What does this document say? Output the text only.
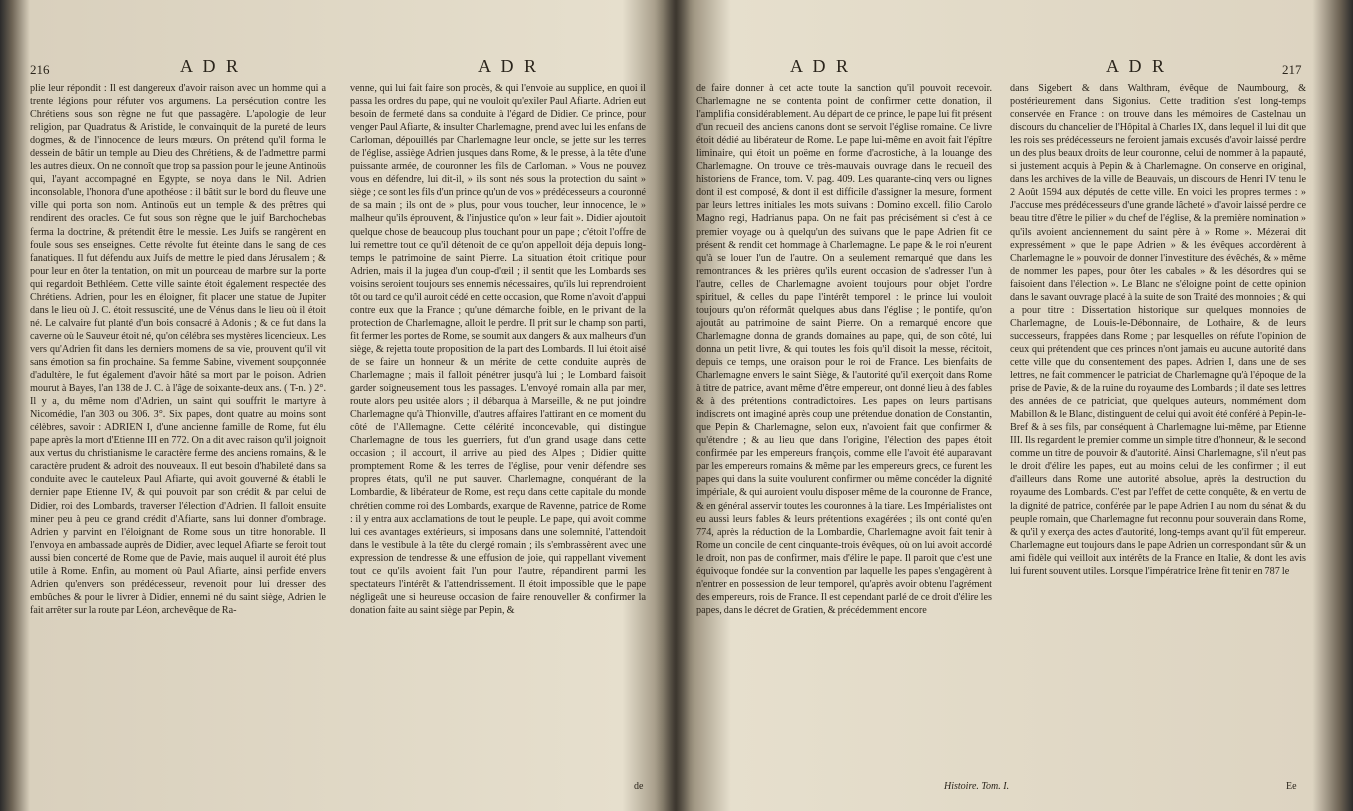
216	A D R	A D R

plie leur répondit : Il est dangereux d'avoir raison avec un homme qui a trente légions pour réfuter vos argumens. La persécution contre les Chrétiens sous son règne ne fut que passagère. L'apologie de leur religion, par Quadratus & Aristide, le convainquit de la pureté de leurs dogmes, & de l'innocence de leurs mœurs. On prétend qu'il forma le dessein de bâtir un temple au Dieu des Chrétiens, & de l'admettre parmi les autres dieux. On ne connoît que trop sa passion pour le jeune Antinoüs qui, l'ayant accompagné en Egypte, se noya dans le Nil. Adrien inconsolable, l'honora d'une apothéose : il bâtit sur le bord du fleuve une ville qui porta son nom. Antinoüs eut un temple & des prêtres qui rendirent des oracles. Ce fut sous son règne que le juif Barchochebas ferma la doctrine, & prétendit être le messie. Les Juifs se rangèrent en foule sous ses enseignes. Cette révolte fut éteinte dans le sang de ces fanatiques. Il fut défendu aux Juifs de mettre le pied dans Jérusalem ; & pour leur en ôter la tentation, on mit un pourceau de marbre sur la porte qui regardoit Bethléem. Cette ville sainte étoit également respectée des Chrétiens. Adrien, pour les en éloigner, fit placer une statue de Jupiter dans le lieu où J. C. étoit ressuscité, une de Vénus dans le lieu où il étoit né. Le calvaire fut planté d'un bois consacré à Adonis ; & ce fut dans la caverne où le Sauveur étoit né, qu'on célébra ses mystères licencieux. Les vers qu'Adrien fit dans les derniers momens de sa vie, prouvent qu'il vit sans émotion sa fin prochaine. Sa femme Sabine, vivement soupçonnée d'adultère, le fut également d'avoir hâté sa mort par le poison. Adrien mourut à Bayes, l'an 138 de J. C. à l'âge de soixante-deux ans. ( T-n. ) 2°. Il y a, du même nom d'Adrien, un saint qui souffrit le martyre à Nicomédie, l'an 303 ou 306. 3°. Six papes, dont quatre au moins sont célèbres, savoir : ADRIEN I, d'une ancienne famille de Rome, fut élu pape après la mort d'Etienne III en 772. On a dit avec raison qu'il joignoit aux vertus du christianisme le caractère ferme des anciens romains, & le caractère prudent & adroit des nouveaux. Il eut besoin d'habileté dans sa conduite avec le cauteleux Paul Afiarte, qui avoit gouverné & établi le dernier pape Etienne IV, & qui pouvoit par son crédit & par celui de Didier, roi des Lombards, traverser l'élection d'Adrien. Il falloit ensuite miner peu à peu ce grand crédit d'Afiarte, sans lui donner d'ombrage. Adrien y parvint en l'éloignant de Rome sous un titre honorable. Il l'envoya en ambassade auprès de Didier, avec lequel Afiarte se feroit tout aussi bien concerté de Rome que de Pavie, mais auquel il auroit été plus utile à Rome. Enfin, au moment où Paul Afiarte, ainsi perfide envers Adrien qu'envers son prédécesseur, revenoit pour lui dresser des embûches & pour le livrer à Didier, ennemi né du saint siège, Adrien le fait arrêter sur la route par Léon, archevêque de Ra-

venne, qui lui fait faire son procès, & qui l'envoie au supplice, en quoi il passa les ordres du pape, qui ne vouloit qu'exiler Paul Afiarte. Adrien eut besoin de fermeté dans sa conduite à l'égard de Didier. Ce prince, pour venger Paul Afiarte, & insulter Charlemagne, prend avec lui les enfans de Carloman, dépouillés par Charlemagne leur oncle, se jette sur les terres de l'église, assiège Adrien jusques dans Rome, & le presse, à la tête d'une puissante armée, de couronner les fils de Carloman. » Vous ne pouvez vous en défendre, lui dit-il, » ils sont nés sous la protection du saint » siège ; ce sont les fils d'un prince qu'un de vos » prédécesseurs a couronné de sa main ; ils ont de » plus, pour vous toucher, leur innocence, le » malheur qu'ils éprouvent, & l'injustice qu'on » leur fait ». Didier ajoutoit quelque chose de beaucoup plus touchant pour un pape ; c'étoit l'offre de lui remettre tout ce qu'il détenoit de ce qu'on appelloit déja depuis long-temps le patrimoine de saint Pierre. La situation étoit critique pour Adrien, mais il la jugea d'un coup-d'œil ; il sentit que les Lombards ses voisins seroient toujours ses ennemis nécessaires, qu'ils lui reprendroient tôt ou tard ce qu'il auroit cédé en cette occasion, que Rome n'avoit d'appui contre eux que la France ; qu'une démarche foible, en le privant de la protection de Charlemagne, alloit le perdre. Il prit sur le champ son parti, fit fermer les portes de Rome, se soumit aux dangers & aux malheurs d'un siège, & rejetta toute proposition de la part des Lombards. Il lui étoit aisé de se faire un honneur & un mérite de cette conduite auprès de Charlemagne ; mais il falloit pénétrer jusqu'à lui ; le Lombard faisoit garder soigneusement tous les passages. L'envoyé romain alla par mer, route alors peu usitée alors ; il débarqua à Marseille, & ne put joindre Charlemagne qu'à Thionville, d'autres affaires l'attirant en ce moment du côté de l'Allemagne. Cette célérité inconcevable, qui distingue Charlemagne de tous les guerriers, fut d'un grand usage dans cette occasion ; il accourt, il arrive au pied des Alpes ; Didier quitte promptement Rome & les terres de l'église, pour venir défendre ses propres états, qu'il ne put sauver. Charlemagne, conquérant de la Lombardie, & libérateur de Rome, est reçu dans cette capitale du monde chrétien comme roi des Lombards, exarque de Ravenne, patrice de Rome : il y entra aux acclamations de tout le peuple. Le pape, qui avoit comme lui ces avantages extérieurs, si imposans dans une solemnité, l'attendoit dans le vestibule à la tête du clergé romain ; ils s'embrassèrent avec une expression de tendresse & une effusion de joie, qui rappellant vivement tout ce qu'ils avoient fait l'un pour l'autre, répandirent parmi les spectateurs l'intérêt & l'attendrissement. Il étoit impossible que le pape négligeât une si heureuse occasion de faire renouveller & confirmer la donation faite au saint siège par Pepin, &

de
A D R	A D R	217

de faire donner à cet acte toute la sanction qu'il pouvoit recevoir. Charlemagne ne se contenta point de confirmer cette donation, il l'amplifia considérablement. Au départ de ce prince, le pape lui fit présent d'un recueil des anciens canons dont se servoit l'église romaine. Ce livre étoit dédié au libérateur de Rome. Le pape lui-même en avoit fait l'épître liminaire, qui étoit un poëme en forme d'acrostiche, à la louange des Charlemagne. On trouve ce très-mauvais ouvrage dans le recueil des historiens de France, tom. V. pag. 409. Les quarante-cinq vers ou lignes dont il est composé, & dont il est difficile d'assigner la mesure, forment par leurs lettres initiales les mots suivans : Domino excell. filio Carolo Magno regi, Hadrianus papa. On ne fait pas précisément si c'est à ce premier voyage ou à quelqu'un des suivans que le pape Adrien fit ce présent & rendit cet hommage à Charlemagne. Le pape & le roi n'eurent qu'à se louer l'un de l'autre. On a seulement remarqué que dans les remontrances & les prières qu'ils eurent occasion de s'adresser l'un à l'autre, celles de Charlemagne avoient toujours pour objet l'ordre spirituel, & celles du pape l'intérêt temporel : le prince lui vouloit toujours qu'on réformât quelques abus dans l'église ; le pontife, qu'on ajoutât au patrimoine de saint Pierre. On a remarqué encore que Charlemagne donna de grands domaines au pape, qui, de son côté, lui donna un petit livre, & qui toutes les fois qu'il disoit la messe, récitoit, depuis ce temps, une oraison pour le roi de France. Les bienfaits de Charlemagne envers le saint Siège, & l'autorité qu'il exerçoit dans Rome à titre de patrice, avant même d'être empereur, ont donné lieu à des fables & à des prétentions contradictoires. Les papes on leurs partisans indiscrets ont imaginé après coup une prétendue donation de Constantin, que Pepin & Charlemagne, selon eux, n'avoient fait que confirmer & qu'étendre ; & au lieu que dans l'origine, l'élection des papes étoit confirmée par les empereurs françois, comme elle l'avoit été auparavant par les empereurs romains & même par les empereurs grecs, ce furent les papes qui dans la suite voulurent confirmer ou même concéder la dignité impériale, & qui auroient voulu disposer même de la couronne de France, & en général asservir toutes les couronnes à la tiare. Les Impérialistes ont eu aussi leurs fables & leurs prétentions exagérées ; ils ont conté qu'en 774, après la réduction de la Lombardie, Charlemagne avoit fait tenir à Rome un concile de cent cinquante-trois évêques, où on lui avoit accordé le droit, non pas de confirmer, mais d'élire le pape. Il paroit que c'est une équivoque fondée sur la convention par laquelle les papes s'engagèrent à n'entrer en possession de leur temporel, qu'après avoir obtenu l'agrément des empereurs, rois de France. Il est cependant parlé de ce droit d'élire les papes, dans le décret de Gratien, & précédemment encore

dans Sigebert & dans Walthram, évêque de Naumbourg, & postérieurement dans Sigonius. Cette tradition s'est long-temps conservée en France : on trouve dans les mémoires de Castelnau un discours du chancelier de l'Hôpital à Charles IX, dans lequel il lui dit que les rois ses prédécesseurs ne feroient jamais excusés d'avoir laissé perdre un des plus beaux droits de leur couronne, celui de nommer à la papauté, si justement acquis à Pepin & à Charlemagne. On conserve en original, dans les archives de la ville de Beauvais, un discours de Henri IV tenu le 2 Août 1594 aux députés de cette ville. En voici les propres termes : » J'accuse mes prédécesseurs d'une grande lâcheté » d'avoir laissé perdre ce beau titre d'être le pilier » du chef de l'église, & la première nomination » qu'ils avoient anciennement du saint père à » Rome ». Mézerai dit expressément » que le pape Adrien » & les évêques accordèrent à Charlemagne le » pouvoir de donner l'investiture des évêchés, & » même de nommer les papes, pour ôter les cabales » & les désordres qui se faisoient dans l'élection ». Le Blanc ne s'éloigne point de cette opinion dans le savant ouvrage placé à la suite de son Traité des monnoies ; & qui a pour titre : Dissertation historique sur quelques monnoies de Charlemagne, de Louis-le-Débonnaire, de Lothaire, & de leurs successeurs, frappées dans Rome ; par lesquelles on réfute l'opinion de ceux qui prétendent que ces princes n'ont jamais eu aucune autorité dans cette ville que du consentement des papes. Adrien I, dans une de ses lettres, ne fait commencer le patriciat de Charlemagne qu'à l'époque de la prise de Pavie, & de la ruine du royaume des Lombards ; il date ses lettres des années de ce patriciat, que quelques auteurs, nommément dom Mabillon & le Blanc, distinguent de celui qui avoit été conféré à Pepin-le-Bref & à ses fils, par conséquent à Charlemagne lui-même, par Etienne III. Ils regardent le premier comme un simple titre d'honneur, & le second comme un titre de pouvoir & d'autorité. Ainsi Charlemagne, s'il n'eut pas le droit d'élire les papes, eut au moins celui de les confirmer ; il eut d'ailleurs dans Rome une autorité absolue, après la destruction du royaume des Lombards. C'est par l'effet de cette conquête, & en vertu de la dignité de patrice, conférée par le pape Adrien I au nom du sénat & du peuple romain, que Charlemagne fut reconnu pour souverain dans Rome, & qu'il y exerça des actes d'autorité, long-temps avant qu'il fût empereur. Charlemagne eut toujours dans le pape Adrien un correspondant sûr & un ami fidèle qui veilloit aux intérêts de la France en Italie, & dont les avis lui furent souvent utiles. Lorsque l'impératrice Irène fit tenir en 787 le

Histoire. Tom. I.	Ee
